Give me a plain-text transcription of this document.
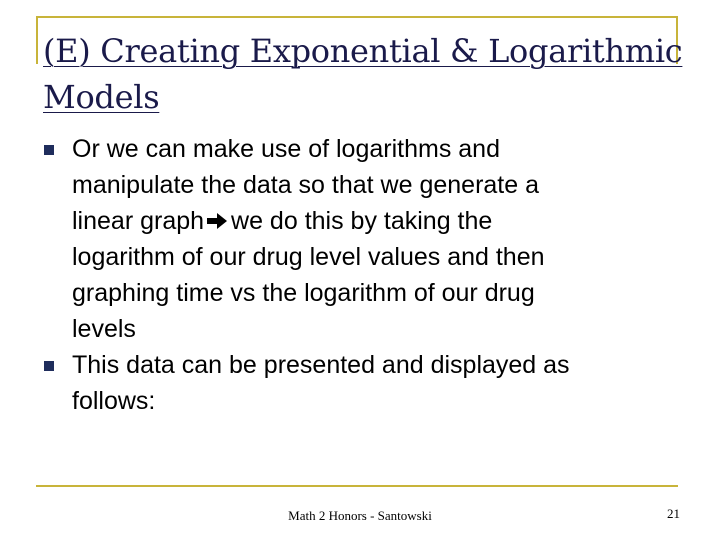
(E) Creating Exponential & Logarithmic
Models
Or we can make use of logarithms and
manipulate the data so that we generate a
linear graph we do this by taking the
logarithm of our drug level values and then
graphing time vs the logarithm of our drug
levels
This data can be presented and displayed as
follows:
Math 2 Honors - Santowski	21
